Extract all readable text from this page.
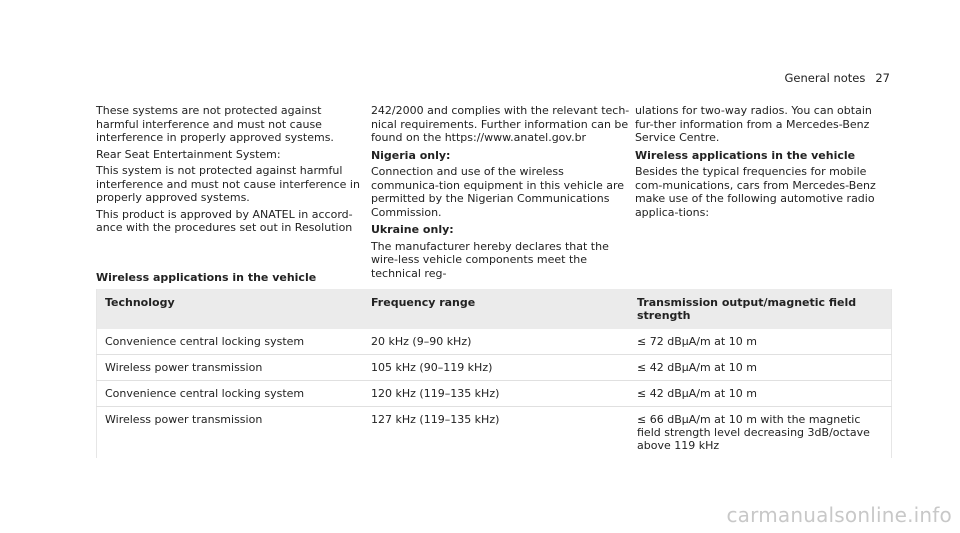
General notes 27

These systems are not protected against harmful interference and must not cause interference in properly approved systems.

Rear Seat Entertainment System:

This system is not protected against harmful interference and must not cause interference in properly approved systems.

This product is approved by ANATEL in accord-ance with the procedures set out in Resolution

242/2000 and complies with the relevant tech-nical requirements. Further information can be found on the https://www.anatel.gov.br

Nigeria only:

Connection and use of the wireless communica-tion equipment in this vehicle are permitted by the Nigerian Communications Commission.

Ukraine only:

The manufacturer hereby declares that the wire-less vehicle components meet the technical reg-

ulations for two-way radios. You can obtain fur-ther information from a Mercedes-Benz Service Centre.

Wireless applications in the vehicle

Besides the typical frequencies for mobile com-munications, cars from Mercedes-Benz make use of the following automotive radio applica-tions:

Wireless applications in the vehicle
Technology	Frequency range	Transmission output/magnetic field strength
Convenience central locking system	20 kHz (9–90 kHz)	≤ 72 dBµA/m at 10 m
Wireless power transmission	105 kHz (90–119 kHz)	≤ 42 dBµA/m at 10 m
Convenience central locking system	120 kHz (119–135 kHz)	≤ 42 dBµA/m at 10 m
Wireless power transmission	127 kHz (119–135 kHz)	≤ 66 dBµA/m at 10 m with the magnetic field strength level decreasing 3dB/octave above 119 kHz
carmanualsonline.info
